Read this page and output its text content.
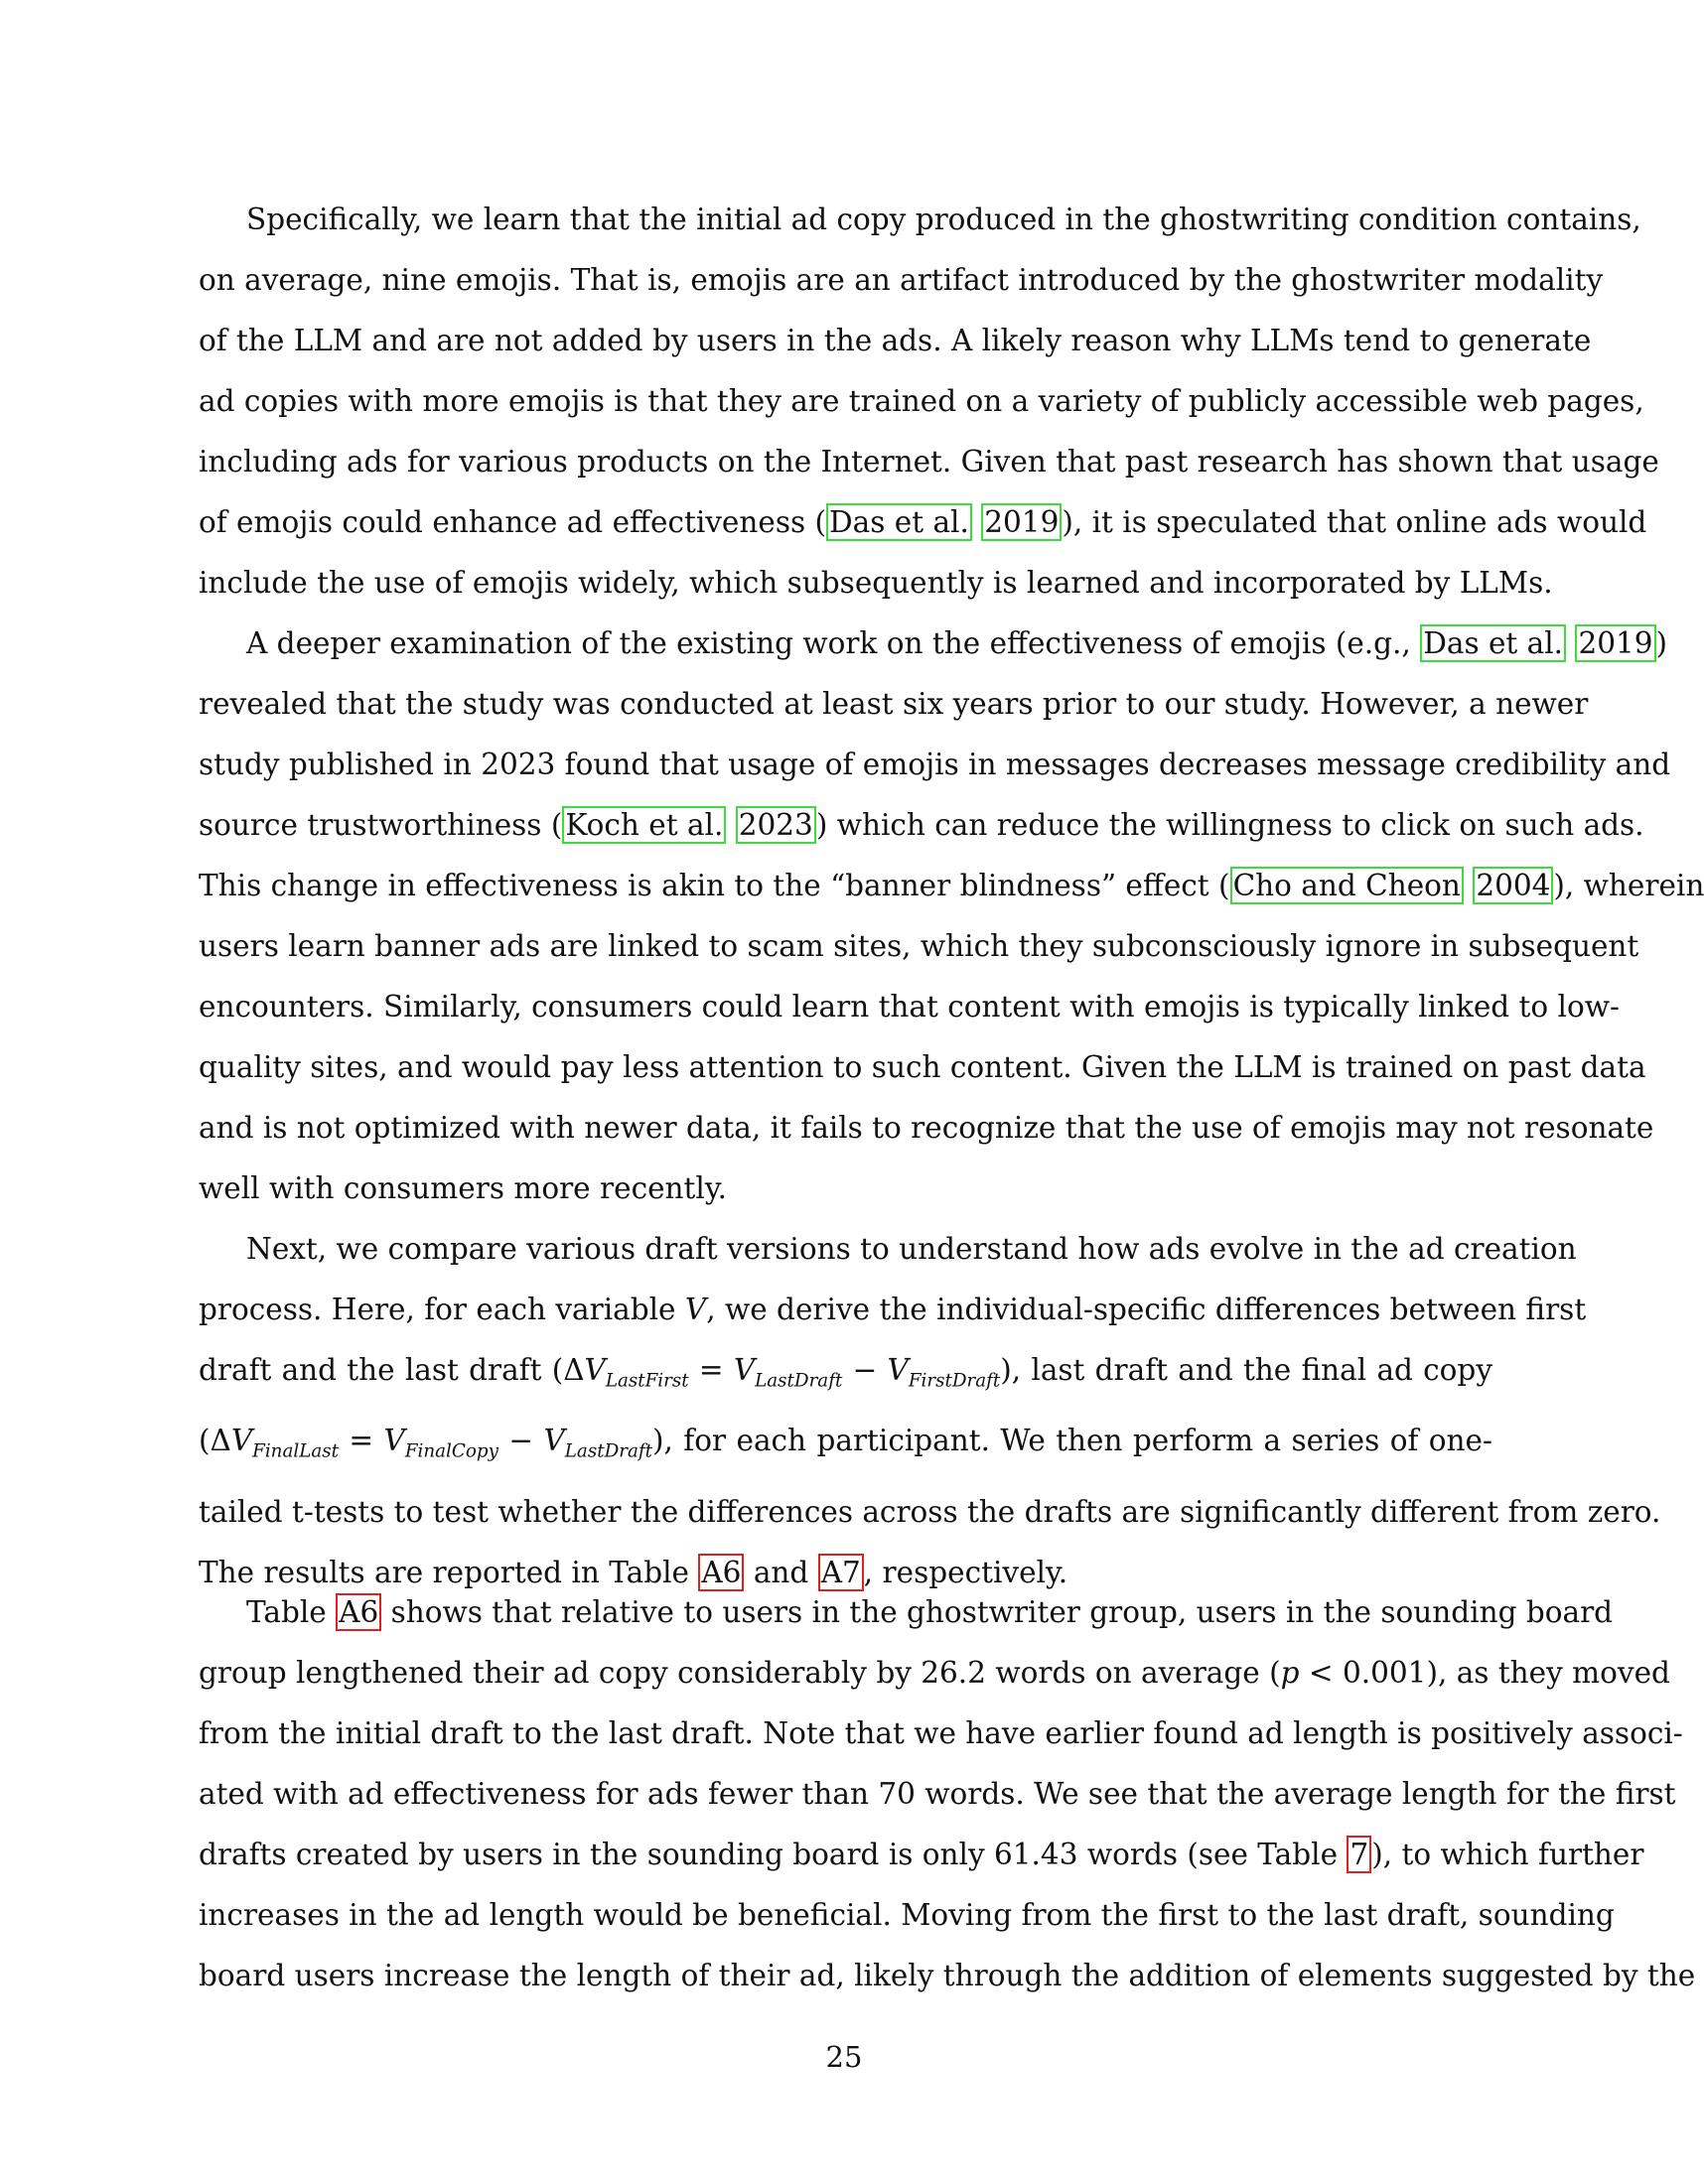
Specifically, we learn that the initial ad copy produced in the ghostwriting condition contains,
on average, nine emojis. That is, emojis are an artifact introduced by the ghostwriter modality
of the LLM and are not added by users in the ads. A likely reason why LLMs tend to generate
ad copies with more emojis is that they are trained on a variety of publicly accessible web pages,
including ads for various products on the Internet. Given that past research has shown that usage
of emojis could enhance ad effectiveness ( Das et al. 2019 ), it is speculated that online ads would
include the use of emojis widely, which subsequently is learned and incorporated by LLMs.
A deeper examination of the existing work on the effectiveness of emojis (e.g., Das et al. 2019 )
revealed that the study was conducted at least six years prior to our study. However, a newer
study published in 2023 found that usage of emojis in messages decreases message credibility and
source trustworthiness ( Koch et al. 2023 ) which can reduce the willingness to click on such ads.
This change in effectiveness is akin to the “banner blindness” effect ( Cho and Cheon 2004 ), wherein
users learn banner ads are linked to scam sites, which they subconsciously ignore in subsequent
encounters. Similarly, consumers could learn that content with emojis is typically linked to low-
quality sites, and would pay less attention to such content. Given the LLM is trained on past data
and is not optimized with newer data, it fails to recognize that the use of emojis may not resonate
well with consumers more recently.
Next, we compare various draft versions to understand how ads evolve in the ad creation
process. Here, for each variable V, we derive the individual-specific differences between first
draft and the last draft $(\Delta V_{LastFirst} = V_{LastDraft} - V_{FirstDraft})$, last draft and the final ad copy
$(\Delta V_{FinalLast} = V_{FinalCopy} - V_{LastDraft})$, for each participant. We then perform a series of one-
tailed t-tests to test whether the differences across the drafts are significantly different from zero.
The results are reported in Table A6 and A7 , respectively.
Table A6 shows that relative to users in the ghostwriter group, users in the sounding board
group lengthened their ad copy considerably by 26.2 words on average (p < 0.001), as they moved
from the initial draft to the last draft. Note that we have earlier found ad length is positively associ-
ated with ad effectiveness for ads fewer than 70 words. We see that the average length for the first
drafts created by users in the sounding board is only 61.43 words (see Table 7 ), to which further
increases in the ad length would be beneficial. Moving from the first to the last draft, sounding
board users increase the length of their ad, likely through the addition of elements suggested by the
25
